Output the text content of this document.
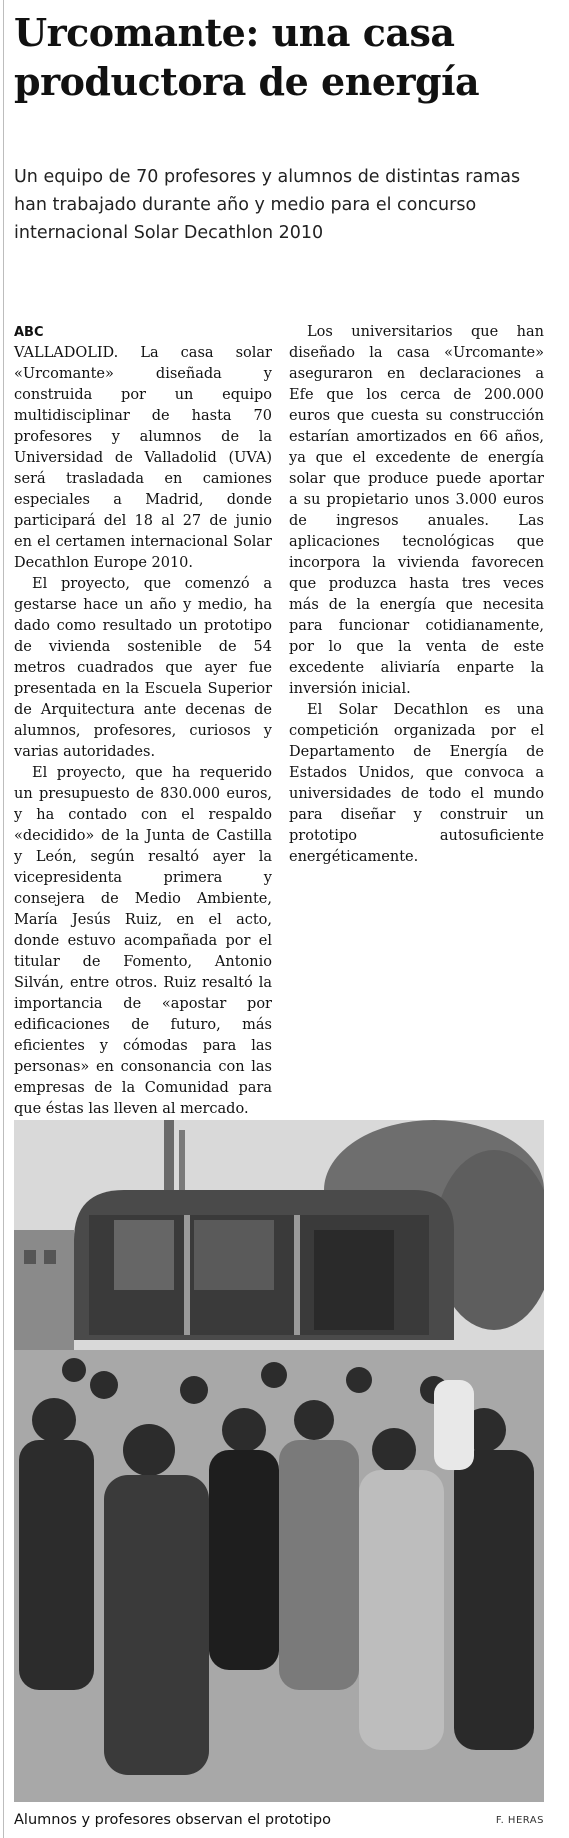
Urcomante: una casa productora de energía

Un equipo de 70 profesores y alumnos de distintas ramas han trabajado durante año y medio para el concurso internacional Solar Decathlon 2010

ABC

VALLADOLID. La casa solar «Urcomante» diseñada y construida por un equipo multidisciplinar de hasta 70 profesores y alumnos de la Universidad de Valladolid (UVA) será trasladada en camiones especiales a Madrid, donde participará del 18 al 27 de junio en el certamen internacional Solar Decathlon Europe 2010.

El proyecto, que comenzó a gestarse hace un año y medio, ha dado como resultado un prototipo de vivienda sostenible de 54 metros cuadrados que ayer fue presentada en la Escuela Superior de Arquitectura ante decenas de alumnos, profesores, curiosos y varias autoridades.

El proyecto, que ha requerido un presupuesto de 830.000 euros, y ha contado con el respaldo «decidido» de la Junta de Castilla y León, según resaltó ayer la vicepresidenta primera y consejera de Medio Ambiente, María Jesús Ruiz, en el acto, donde estuvo acompañada por el titular de Fomento, Antonio Silván, entre otros. Ruiz resaltó la importancia de «apostar por edificaciones de futuro, más eficientes y cómodas para las personas» en consonancia con las empresas de la Comunidad para que éstas las lleven al mercado.

Los universitarios que han diseñado la casa «Urcomante» aseguraron en declaraciones a Efe que los cerca de 200.000 euros que cuesta su construcción estarían amortizados en 66 años, ya que el excedente de energía solar que produce puede aportar a su propietario unos 3.000 euros de ingresos anuales. Las aplicaciones tecnológicas que incorpora la vivienda favorecen que produzca hasta tres veces más de la energía que necesita para funcionar cotidianamente, por lo que la venta de este excedente aliviaría enparte la inversión inicial.

El Solar Decathlon es una competición organizada por el Departamento de Energía de Estados Unidos, que convoca a universidades de todo el mundo para diseñar y construir un prototipo autosuficiente energéticamente.

Alumnos y profesores observan el prototipo	F. HERAS
